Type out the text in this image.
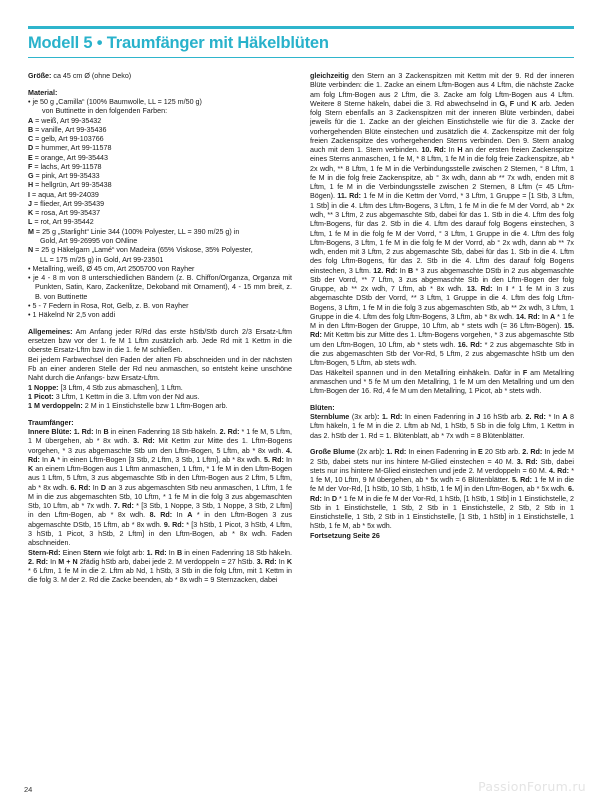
Modell 5 • Traumfänger mit Häkelblüten

Größe: ca 45 cm Ø (ohne Deko)

Material:

• je 50 g „Camilla“ (100% Baumwolle, LL = 125 m/50 g)
von Buttinette in den folgenden Farben:

A = weiß, Art 99-35432

B = vanille, Art 99-35436

C = gelb, Art 99-103766

D = hummer, Art 99-11578

E = orange, Art 99-35443

F = lachs, Art 99-11578

G = pink, Art 99-35433

H = hellgrün, Art 99-35438

I = aqua, Art 99-24039

J = flieder, Art 99-35439

K = rosa, Art 99-35437

L = rot, Art 99-35442

M = 25 g „Starlight“ Linie 344 (100% Polyester, LL = 390 m/25 g) in
Gold, Art 99-26995 von ONline

N = 25 g Häkelgarn „Lamé“ von Madeira (65% Viskose, 35% Polyester,
LL = 175 m/25 g) in Gold, Art 99-23501

• Metallring, weiß, Ø 45 cm, Art 2505700 von Rayher

• je 4 - 8 m von 8 unterschiedlichen Bändern (z. B. Chiffon/Organza, Organza mit Punkten, Satin, Karo, Zackenlitze, Dekoband mit Ornament), 4 - 15 mm breit, z. B. von Buttinette

• 5 - 7 Federn in Rosa, Rot, Gelb, z. B. von Rayher

• 1 Häkelnd Nr 2,5 von addi

Allgemeines: Am Anfang jeder R/Rd das erste hStb/Stb durch 2/3 Ersatz-Lftm ersetzen bzw vor der 1. fe M 1 Lftm zusätzlich arb. Jede Rd mit 1 Kettm in die oberste Ersatz-Lftm bzw in die 1. fe M schließen.

Bei jedem Farbwechsel den Faden der alten Fb abschneiden und in der nächsten Fb an einer anderen Stelle der Rd neu anmaschen, so entsteht keine unschöne Naht durch die Anfangs- bzw Ersatz-Lftm.

1 Noppe: [3 Lftm, 4 Stb zus abmaschen], 1 Lftm.

1 Picot: 3 Lftm, 1 Kettm in die 3. Lftm von der Nd aus.

1 M verdoppeln: 2 M in 1 Einstichstelle bzw 1 Lftm-Bogen arb.

Traumfänger:

Innere Blüte: 1. Rd: In B in einen Fadenring 18 Stb häkeln. 2. Rd: * 1 fe M, 5 Lftm, 1 M übergehen, ab * 8x wdh. 3. Rd: Mit Kettm zur Mitte des 1. Lftm-Bogens vorgehen, * 3 zus abgemaschte Stb um den Lftm-Bogen, 5 Lftm, ab * 8x wdh. 4. Rd: In A * in einen Lftm-Bogen [3 Stb, 2 Lftm, 3 Stb, 1 Lftm], ab * 8x wdh. 5. Rd: In K an einem Lftm-Bogen aus 1 Lftm anmaschen, 1 Lftm, * 1 fe M in den Lftm-Bogen aus 1 Lftm, 5 Lftm, 3 zus abgemaschte Stb in den Lftm-Bogen aus 2 Lftm, 5 Lftm, ab * 8x wdh. 6. Rd: In D an 3 zus abgemaschten Stb neu anmaschen, 1 Lftm, 1 fe M in die zus abgemaschten Stb, 10 Lftm, * 1 fe M in die folg 3 zus abgemaschten Stb, 10 Lftm, ab * 7x wdh. 7. Rd: * [3 Stb, 1 Noppe, 3 Stb, 1 Noppe, 3 Stb, 2 Lftm] in den Lftm-Bogen, ab * 8x wdh. 8. Rd: In A * in den Lftm-Bogen 3 zus abgemaschte DStb, 15 Lftm, ab * 8x wdh. 9. Rd: * [3 hStb, 1 Picot, 3 hStb, 4 Lftm, 3 hStb, 1 Picot, 3 hStb, 2 Lftm] in den Lftm-Bogen, ab * 8x wdh. Faden abschneiden.

Stern-Rd: Einen Stern wie folgt arb: 1. Rd: In B in einen Fadenring 18 Stb häkeln. 2. Rd: In M + N 2fädig hStb arb, dabei jede 2. M verdoppeln = 27 hStb. 3. Rd: In K * 6 Lftm, 1 fe M in die 2. Lftm ab Nd, 1 hStb, 3 Stb in die folg Lftm, mit 1 Kettm in die folg 3. M der 2. Rd die Zacke beenden, ab * 8x wdh = 9 Sternzacken, dabei

gleichzeitig den Stern an 3 Zackenspitzen mit Kettm mit der 9. Rd der inneren Blüte verbinden: die 1. Zacke an einem Lftm-Bogen aus 4 Lftm, die nächste Zacke am folg Lftm-Bogen aus 2 Lftm, die 3. Zacke am folg Lftm-Bogen aus 4 Lftm. Weitere 8 Sterne häkeln, dabei die 3. Rd abwechselnd in G, F und K arb. Jeden folg Stern ebenfalls an 3 Zackenspitzen mit der inneren Blüte verbinden, dabei jeweils für die 1. Zacke an der gleichen Einstichstelle wie für die 3. Zacke der vorhergehenden Blüte einstechen und zusätzlich die 4. Zackenspitze mit der folg freien Zackenspitze des vorhergehenden Sterns verbinden. Den 9. Stern analog auch mit dem 1. Stern verbinden. 10. Rd: In H an der ersten freien Zackenspitze eines Sterns anmaschen, 1 fe M, * 8 Lftm, 1 fe M in die folg freie Zackenspitze, ab * 2x wdh, ** 8 Lftm, 1 fe M in die Verbindungsstelle zwischen 2 Sternen, ° 8 Lftm, 1 fe M in die folg freie Zackenspitze, ab ° 3x wdh, dann ab ** 7x wdh, enden mit 8 Lftm, 1 fe M in die Verbindungsstelle zwischen 2 Sternen, 8 Lftm (= 45 Lftm-Bögen). 11. Rd: 1 fe M in die Kettm der Vorrd, * 3 Lftm, 1 Gruppe = [1 Stb, 3 Lftm, 1 Stb] in die 4. Lftm des Lftm-Bogens, 3 Lftm, 1 fe M in die fe M der Vorrd, ab * 2x wdh, ** 3 Lftm, 2 zus abgemaschte Stb, dabei für das 1. Stb in die 4. Lftm des folg Lftm-Bogens, für das 2. Stb in die 4. Lftm des darauf folg Bogens einstechen, 3 Lftm, 1 fe M in die folg fe M der Vorrd, ° 3 Lftm, 1 Gruppe in die 4. Lftm des folg Lftm-Bogens, 3 Lftm, 1 fe M in die folg fe M der Vorrd, ab ° 2x wdh, dann ab ** 7x wdh, enden mit 3 Lftm, 2 zus abgemaschte Stb, dabei für das 1. Stb in die 4. Lftm des folg Lftm-Bogens, für das 2. Stb in die 4. Lftm des darauf folg Bogens einstechen, 3 Lftm. 12. Rd: In B * 3 zus abgemaschte DStb in 2 zus abgemaschte Stb der Vorrd, ** 7 Lftm, 3 zus abgemaschte Stb in den Lftm-Bogen der folg Gruppe, ab ** 2x wdh, 7 Lftm, ab * 8x wdh. 13. Rd: In I * 1 fe M in 3 zus abgemaschte DStb der Vorrd, ** 3 Lftm, 1 Gruppe in die 4. Lftm des folg Lftm-Bogens, 3 Lftm, 1 fe M in die folg 3 zus abgemaschten Stb, ab ** 2x wdh, 3 Lftm, 1 Gruppe in die 4. Lftm des folg Lftm-Bogens, 3 Lftm, ab * 8x wdh. 14. Rd: In A * 1 fe M in den Lftm-Bogen der Gruppe, 10 Lftm, ab * stets wdh (= 36 Lftm-Bögen). 15. Rd: Mit Kettm bis zur Mitte des 1. Lftm-Bogens vorgehen, * 3 zus abgemaschte Stb um den Lftm-Bogen, 10 Lftm, ab * stets wdh. 16. Rd: * 2 zus abgemaschte Stb in die zus abgemaschten Stb der Vor-Rd, 5 Lftm, 2 zus abgemaschte hStb um den Lftm-Bogen, 5 Lftm, ab stets wdh.

Das Häkelteil spannen und in den Metallring einhäkeln. Dafür in F am Metallring anmaschen und * 5 fe M um den Metallring, 1 fe M um den Metallring und um den Lftm-Bogen der 16. Rd, 4 fe M um den Metallring, 1 Picot, ab * stets wdh.

Blüten:

Sternblume (3x arb): 1. Rd: In einen Fadenring in J 16 hStb arb. 2. Rd: * In A 8 Lftm häkeln, 1 fe M in die 2. Lftm ab Nd, 1 hStb, 5 Sb in die folg Lftm, 1 Kettm in das 2. hStb der 1. Rd = 1. Blütenblatt, ab * 7x wdh = 8 Blütenblätter.

Große Blume (2x arb): 1. Rd: In einen Fadenring in E 20 Stb arb. 2. Rd: In jede M 2 Stb, dabei stets nur ins hintere M-Glied einstechen = 40 M. 3. Rd: Stb, dabei stets nur ins hintere M-Glied einstechen und jede 2. M verdoppeln = 60 M. 4. Rd: * 1 fe M, 10 Lftm, 9 M übergehen, ab * 5x wdh = 6 Blütenblätter. 5. Rd: 1 fe M in die fe M der Vor-Rd, [1 hStb, 10 Stb, 1 hStb, 1 fe M] in den Lftm-Bogen, ab * 5x wdh. 6. Rd: In D * 1 fe M in die fe M der Vor-Rd, 1 hStb, [1 hStb, 1 Stb] in 1 Einstichstelle, 2 Stb in 1 Einstichstelle, 1 Stb, 2 Stb in 1 Einstichstelle, 2 Stb, 2 Stb in 1 Einstichstelle, 1 Stb, 2 Stb in 1 Einstichstelle, [1 Stb, 1 hStb] in 1 Einstichstelle, 1 hStb, 1 fe M, ab * 5x wdh.

Fortsetzung Seite 26

24	PassionForum.ru
